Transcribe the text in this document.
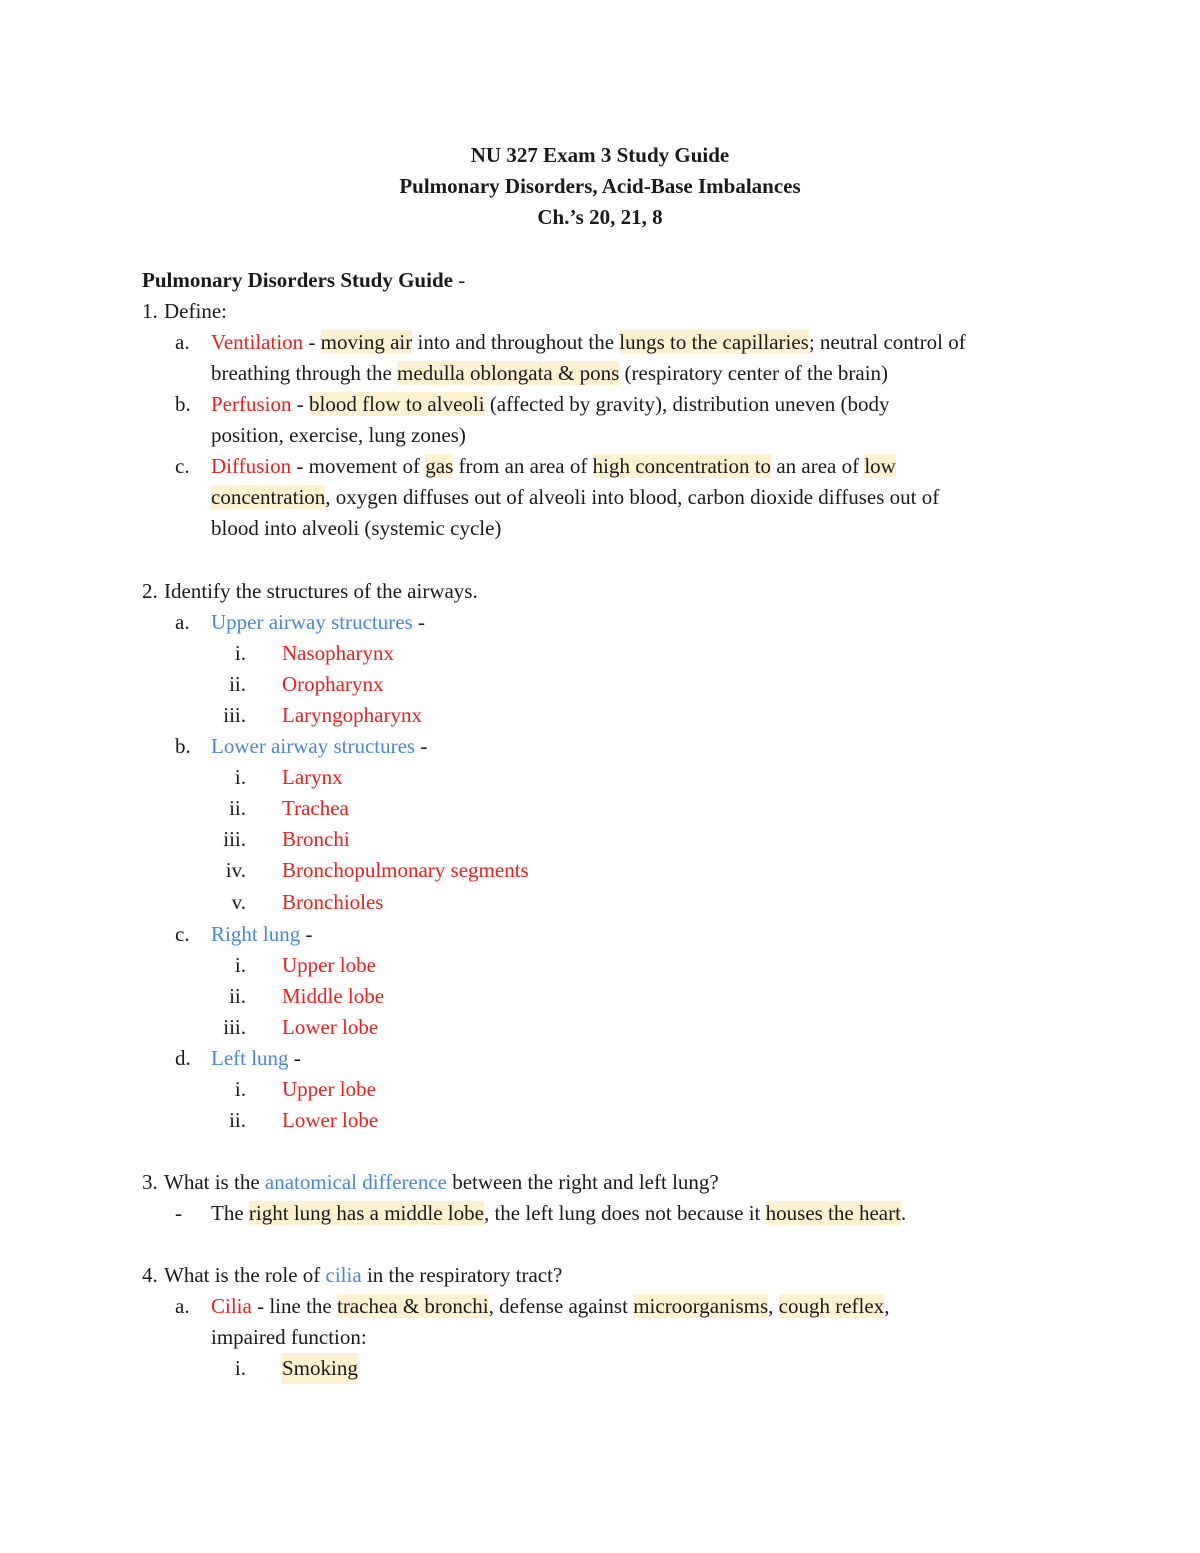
NU 327 Exam 3 Study Guide
Pulmonary Disorders, Acid-Base Imbalances
Ch.’s 20, 21, 8
Pulmonary Disorders Study Guide -
1. Define:
a. Ventilation - moving air into and throughout the lungs to the capillaries; neutral control of
breathing through the medulla oblongata & pons (respiratory center of the brain)
b. Perfusion - blood flow to alveoli (affected by gravity), distribution uneven (body
position, exercise, lung zones)
c. Diffusion - movement of gas from an area of high concentration to an area of low
concentration, oxygen diffuses out of alveoli into blood, carbon dioxide diffuses out of
blood into alveoli (systemic cycle)
2. Identify the structures of the airways.
a. Upper airway structures -
i. Nasopharynx
ii. Oropharynx
iii. Laryngopharynx
b. Lower airway structures -
i. Larynx
ii. Trachea
iii. Bronchi
iv. Bronchopulmonary segments
v. Bronchioles
c. Right lung -
i. Upper lobe
ii. Middle lobe
iii. Lower lobe
d. Left lung -
i. Upper lobe
ii. Lower lobe
3. What is the anatomical difference between the right and left lung?
- The right lung has a middle lobe, the left lung does not because it houses the heart.
4. What is the role of cilia in the respiratory tract?
a. Cilia - line the trachea & bronchi, defense against microorganisms, cough reflex,
impaired function:
i. Smoking
